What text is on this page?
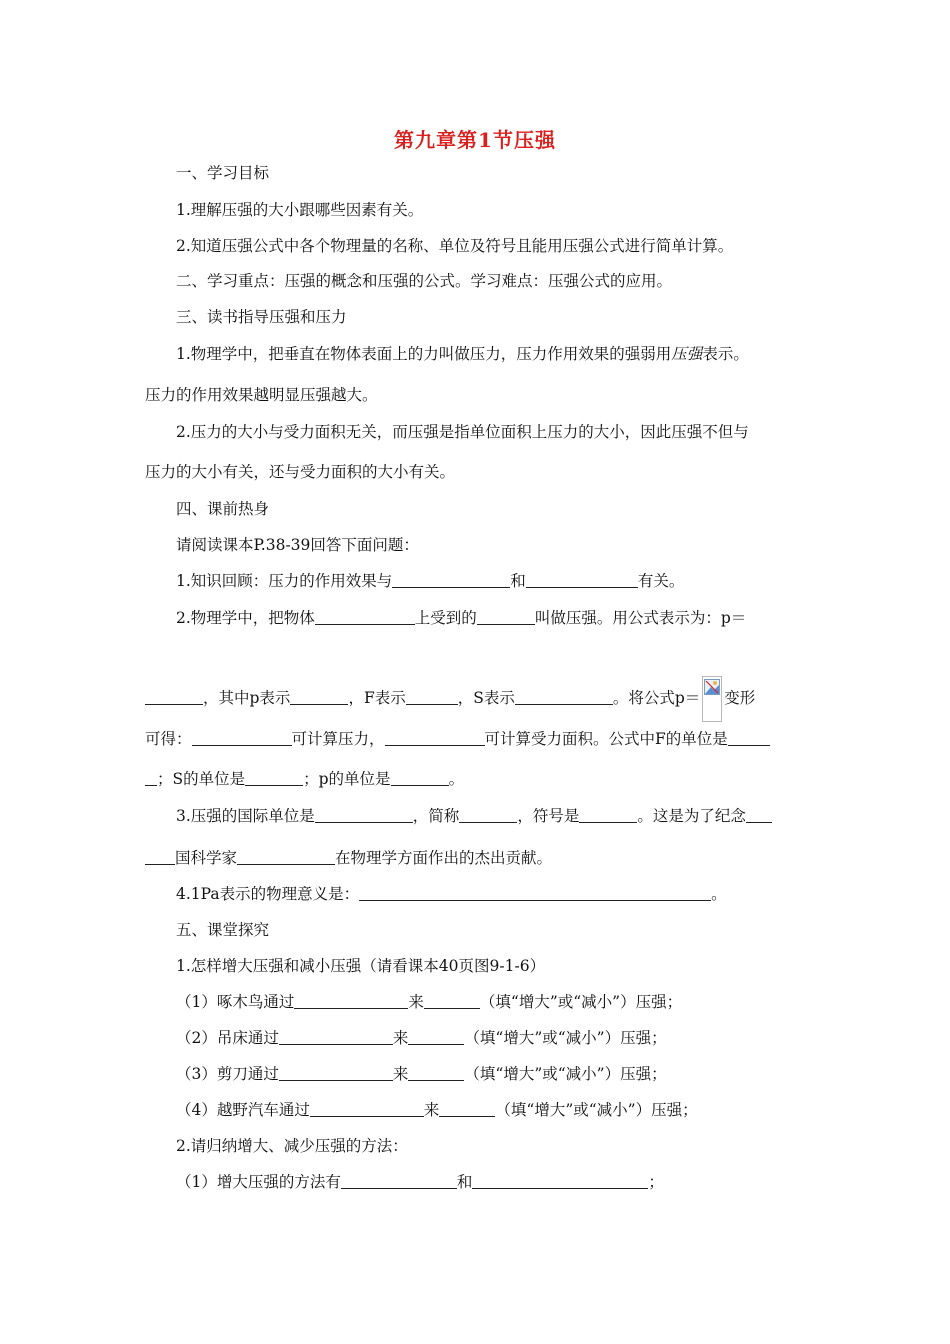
第九章第1节压强
一、学习目标
1.理解压强的大小跟哪些因素有关。
2.知道压强公式中各个物理量的名称、单位及符号且能用压强公式进行简单计算。
二、学习重点：压强的概念和压强的公式。学习难点：压强公式的应用。
三、读书指导压强和压力
1.物理学中，把垂直在物体表面上的力叫做压力，压力作用效果的强弱用压强表示。
压力的作用效果越明显压强越大。
2.压力的大小与受力面积无关，而压强是指单位面积上压力的大小，因此压强不但与
压力的大小有关，还与受力面积的大小有关。
四、课前热身
请阅读课本P.38-39回答下面问题：
1.知识回顾：压力的作用效果与	和	有关。
2.物理学中，把物体	上受到的	叫做压强。用公式表示为：p＝
，其中p表示	，F表示	，S表示	。将公式p＝ 变形
可得：	可计算压力，	可计算受力面积。公式中F的单位是
；S的单位是	；p的单位是	。
3.压强的国际单位是	，简称	，符号是	。这是为了纪念
国科学家	在物理学方面作出的杰出贡献。
4.1Pa表示的物理意义是：	。
五、课堂探究
1.怎样增大压强和减小压强（请看课本40页图9-1-6）
（1）啄木鸟通过	来	（填“增大”或“减小”）压强；
（2）吊床通过	来	（填“增大”或“减小”）压强；
（3）剪刀通过	来	（填“增大”或“减小”）压强；
（4）越野汽车通过	来	（填“增大”或“减小”）压强；
2.请归纳增大、减少压强的方法：
（1）增大压强的方法有	和	；
